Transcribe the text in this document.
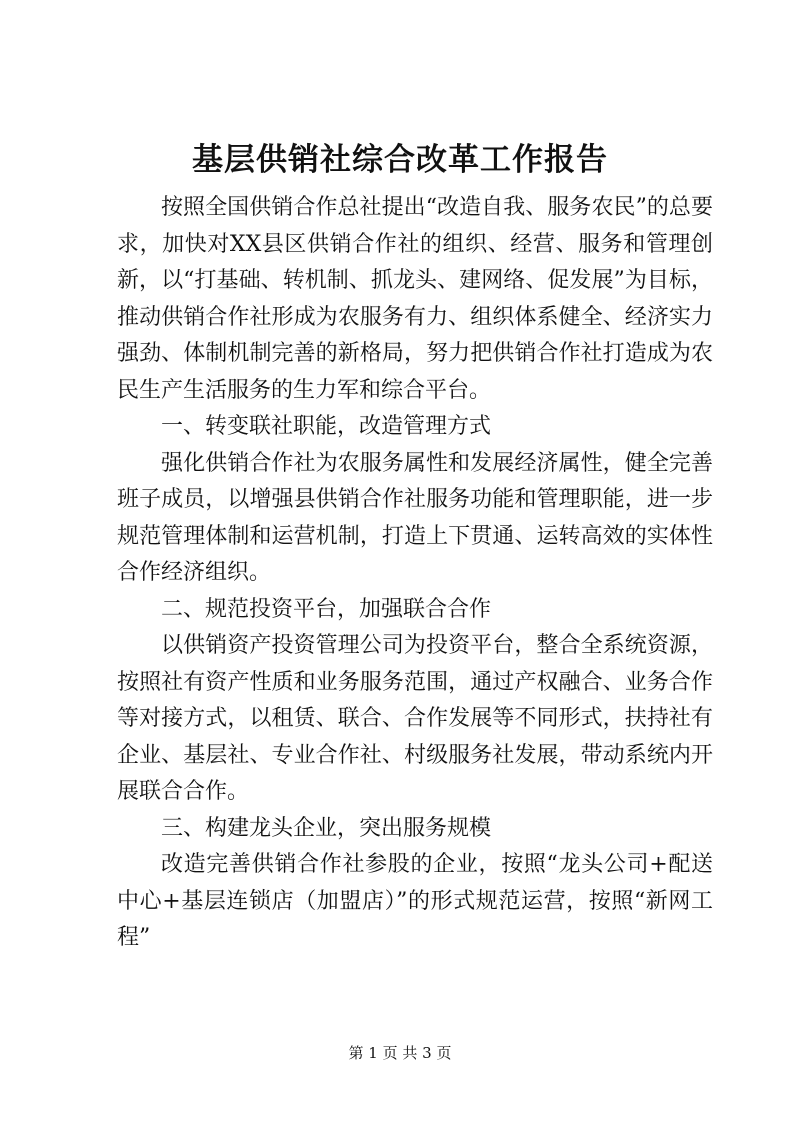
基层供销社综合改革工作报告

按照全国供销合作总社提出“改造自我、服务农民”的总要求，加快对XX县区供销合作社的组织、经营、服务和管理创新，以“打基础、转机制、抓龙头、建网络、促发展”为目标，推动供销合作社形成为农服务有力、组织体系健全、经济实力强劲、体制机制完善的新格局，努力把供销合作社打造成为农民生产生活服务的生力军和综合平台。

一、转变联社职能，改造管理方式

强化供销合作社为农服务属性和发展经济属性，健全完善班子成员，以增强县供销合作社服务功能和管理职能，进一步规范管理体制和运营机制，打造上下贯通、运转高效的实体性合作经济组织。

二、规范投资平台，加强联合合作

以供销资产投资管理公司为投资平台，整合全系统资源，按照社有资产性质和业务服务范围，通过产权融合、业务合作等对接方式，以租赁、联合、合作发展等不同形式，扶持社有企业、基层社、专业合作社、村级服务社发展，带动系统内开展联合合作。

三、构建龙头企业，突出服务规模

改造完善供销合作社参股的企业，按照“龙头公司+配送中心+基层连锁店（加盟店）”的形式规范运营，按照“新网工程”

第 1 页 共 3 页
